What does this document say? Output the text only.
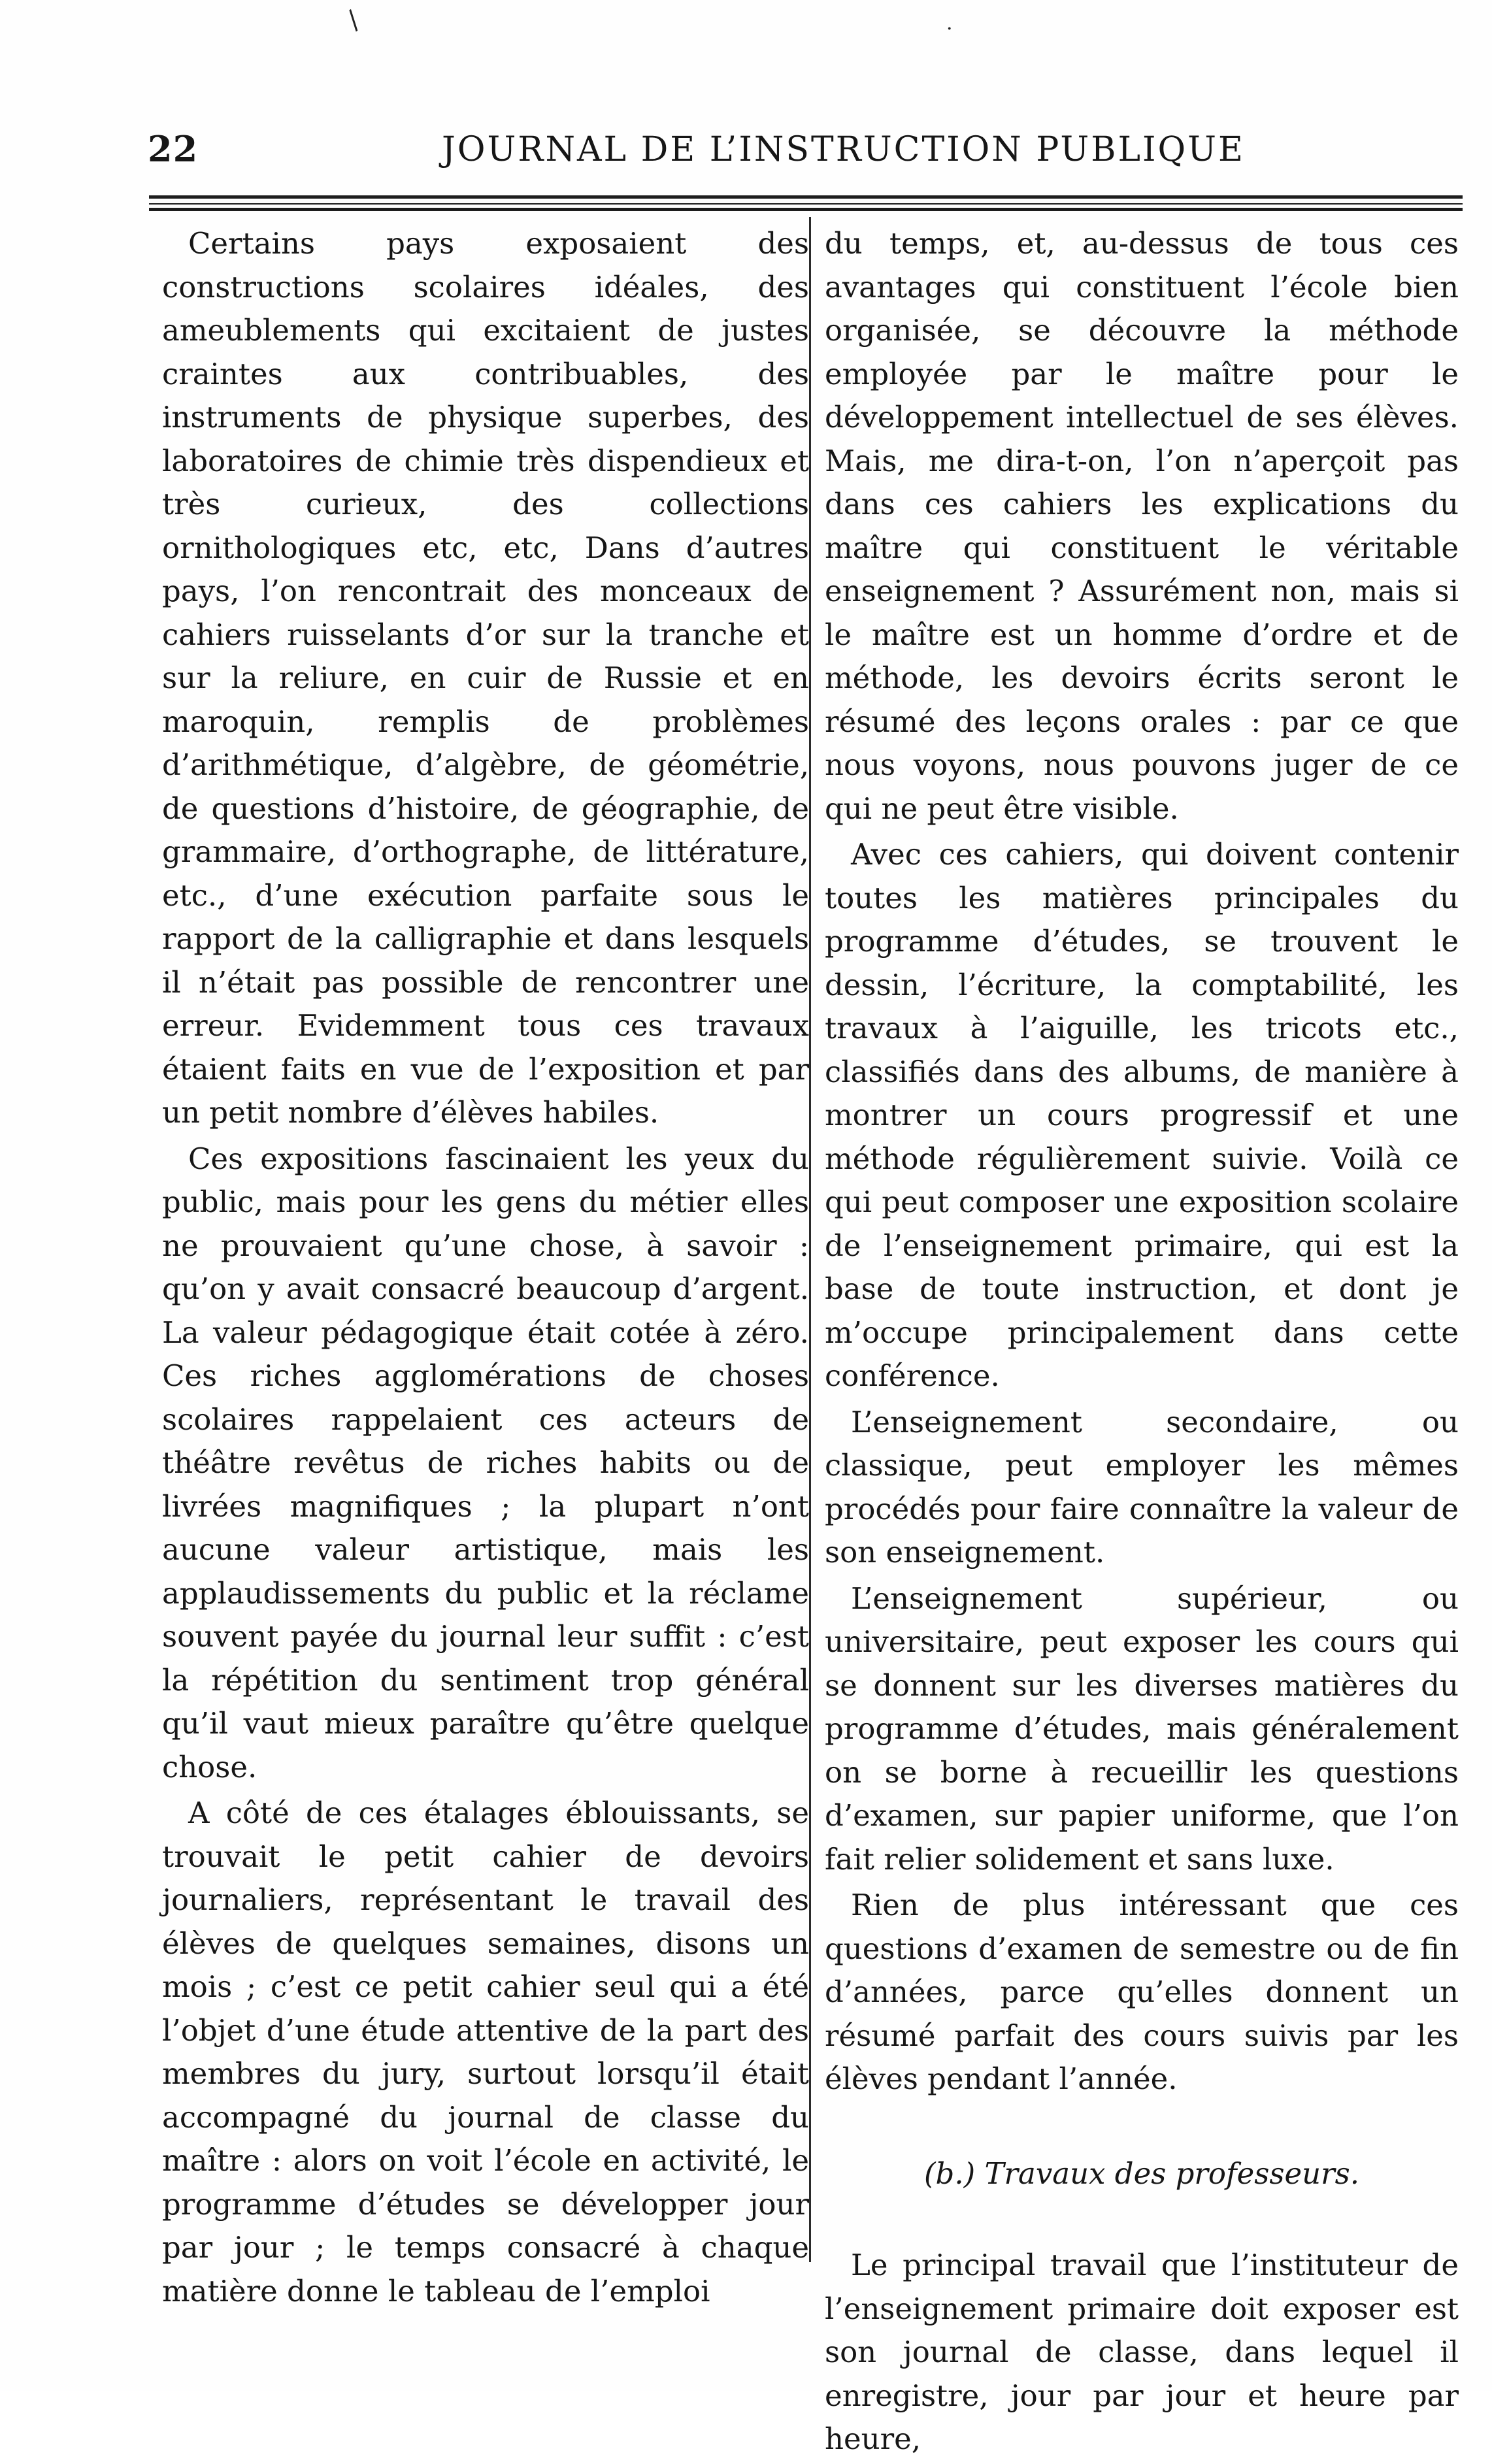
/	.
22	JOURNAL DE L’INSTRUCTION PUBLIQUE

Certains pays exposaient des constructions scolaires idéales, des ameublements qui excitaient de justes craintes aux contribuables, des instruments de physique superbes, des laboratoires de chimie très dispendieux et très curieux, des collections ornithologiques etc, etc, Dans d’autres pays, l’on rencontrait des monceaux de cahiers ruisselants d’or sur la tranche et sur la reliure, en cuir de Russie et en maroquin, remplis de problèmes d’arithmétique, d’algèbre, de géométrie, de questions d’histoire, de géographie, de grammaire, d’orthographe, de littérature, etc., d’une exécution parfaite sous le rapport de la calligraphie et dans lesquels il n’était pas possible de rencontrer une erreur. Evidemment tous ces travaux étaient faits en vue de l’exposition et par un petit nombre d’élèves habiles.

Ces expositions fascinaient les yeux du public, mais pour les gens du métier elles ne prouvaient qu’une chose, à savoir : qu’on y avait consacré beaucoup d’argent. La valeur pédagogique était cotée à zéro. Ces riches agglomérations de choses scolaires rappelaient ces acteurs de théâtre revêtus de riches habits ou de livrées magnifiques ; la plupart n’ont aucune valeur artistique, mais les applaudissements du public et la réclame souvent payée du journal leur suffit : c’est la répétition du sentiment trop général qu’il vaut mieux paraître qu’être quelque chose.

A côté de ces étalages éblouissants, se trouvait le petit cahier de devoirs journaliers, représentant le travail des élèves de quelques semaines, disons un mois ; c’est ce petit cahier seul qui a été l’objet d’une étude attentive de la part des membres du jury, surtout lorsqu’il était accompagné du journal de classe du maître : alors on voit l’école en activité, le programme d’études se développer jour par jour ; le temps consacré à chaque matière donne le tableau de l’emploi

du temps, et, au-dessus de tous ces avantages qui constituent l’école bien organisée, se découvre la méthode employée par le maître pour le développement intellectuel de ses élèves. Mais, me dira-t-on, l’on n’aperçoit pas dans ces cahiers les explications du maître qui constituent le véritable enseignement ? Assurément non, mais si le maître est un homme d’ordre et de méthode, les devoirs écrits seront le résumé des leçons orales : par ce que nous voyons, nous pouvons juger de ce qui ne peut être visible.

Avec ces cahiers, qui doivent contenir toutes les matières principales du programme d’études, se trouvent le dessin, l’écriture, la comptabilité, les travaux à l’aiguille, les tricots etc., classifiés dans des albums, de manière à montrer un cours progressif et une méthode régulièrement suivie. Voilà ce qui peut composer une exposition scolaire de l’enseignement primaire, qui est la base de toute instruction, et dont je m’occupe principalement dans cette conférence.

L’enseignement secondaire, ou classique, peut employer les mêmes procédés pour faire connaître la valeur de son enseignement.

L’enseignement supérieur, ou universitaire, peut exposer les cours qui se donnent sur les diverses matières du programme d’études, mais généralement on se borne à recueillir les questions d’examen, sur papier uniforme, que l’on fait relier solidement et sans luxe.

Rien de plus intéressant que ces questions d’examen de semestre ou de fin d’années, parce qu’elles donnent un résumé parfait des cours suivis par les élèves pendant l’année.

(b.) Travaux des professeurs.

Le principal travail que l’instituteur de l’enseignement primaire doit exposer est son journal de classe, dans lequel il enregistre, jour par jour et heure par heure,
